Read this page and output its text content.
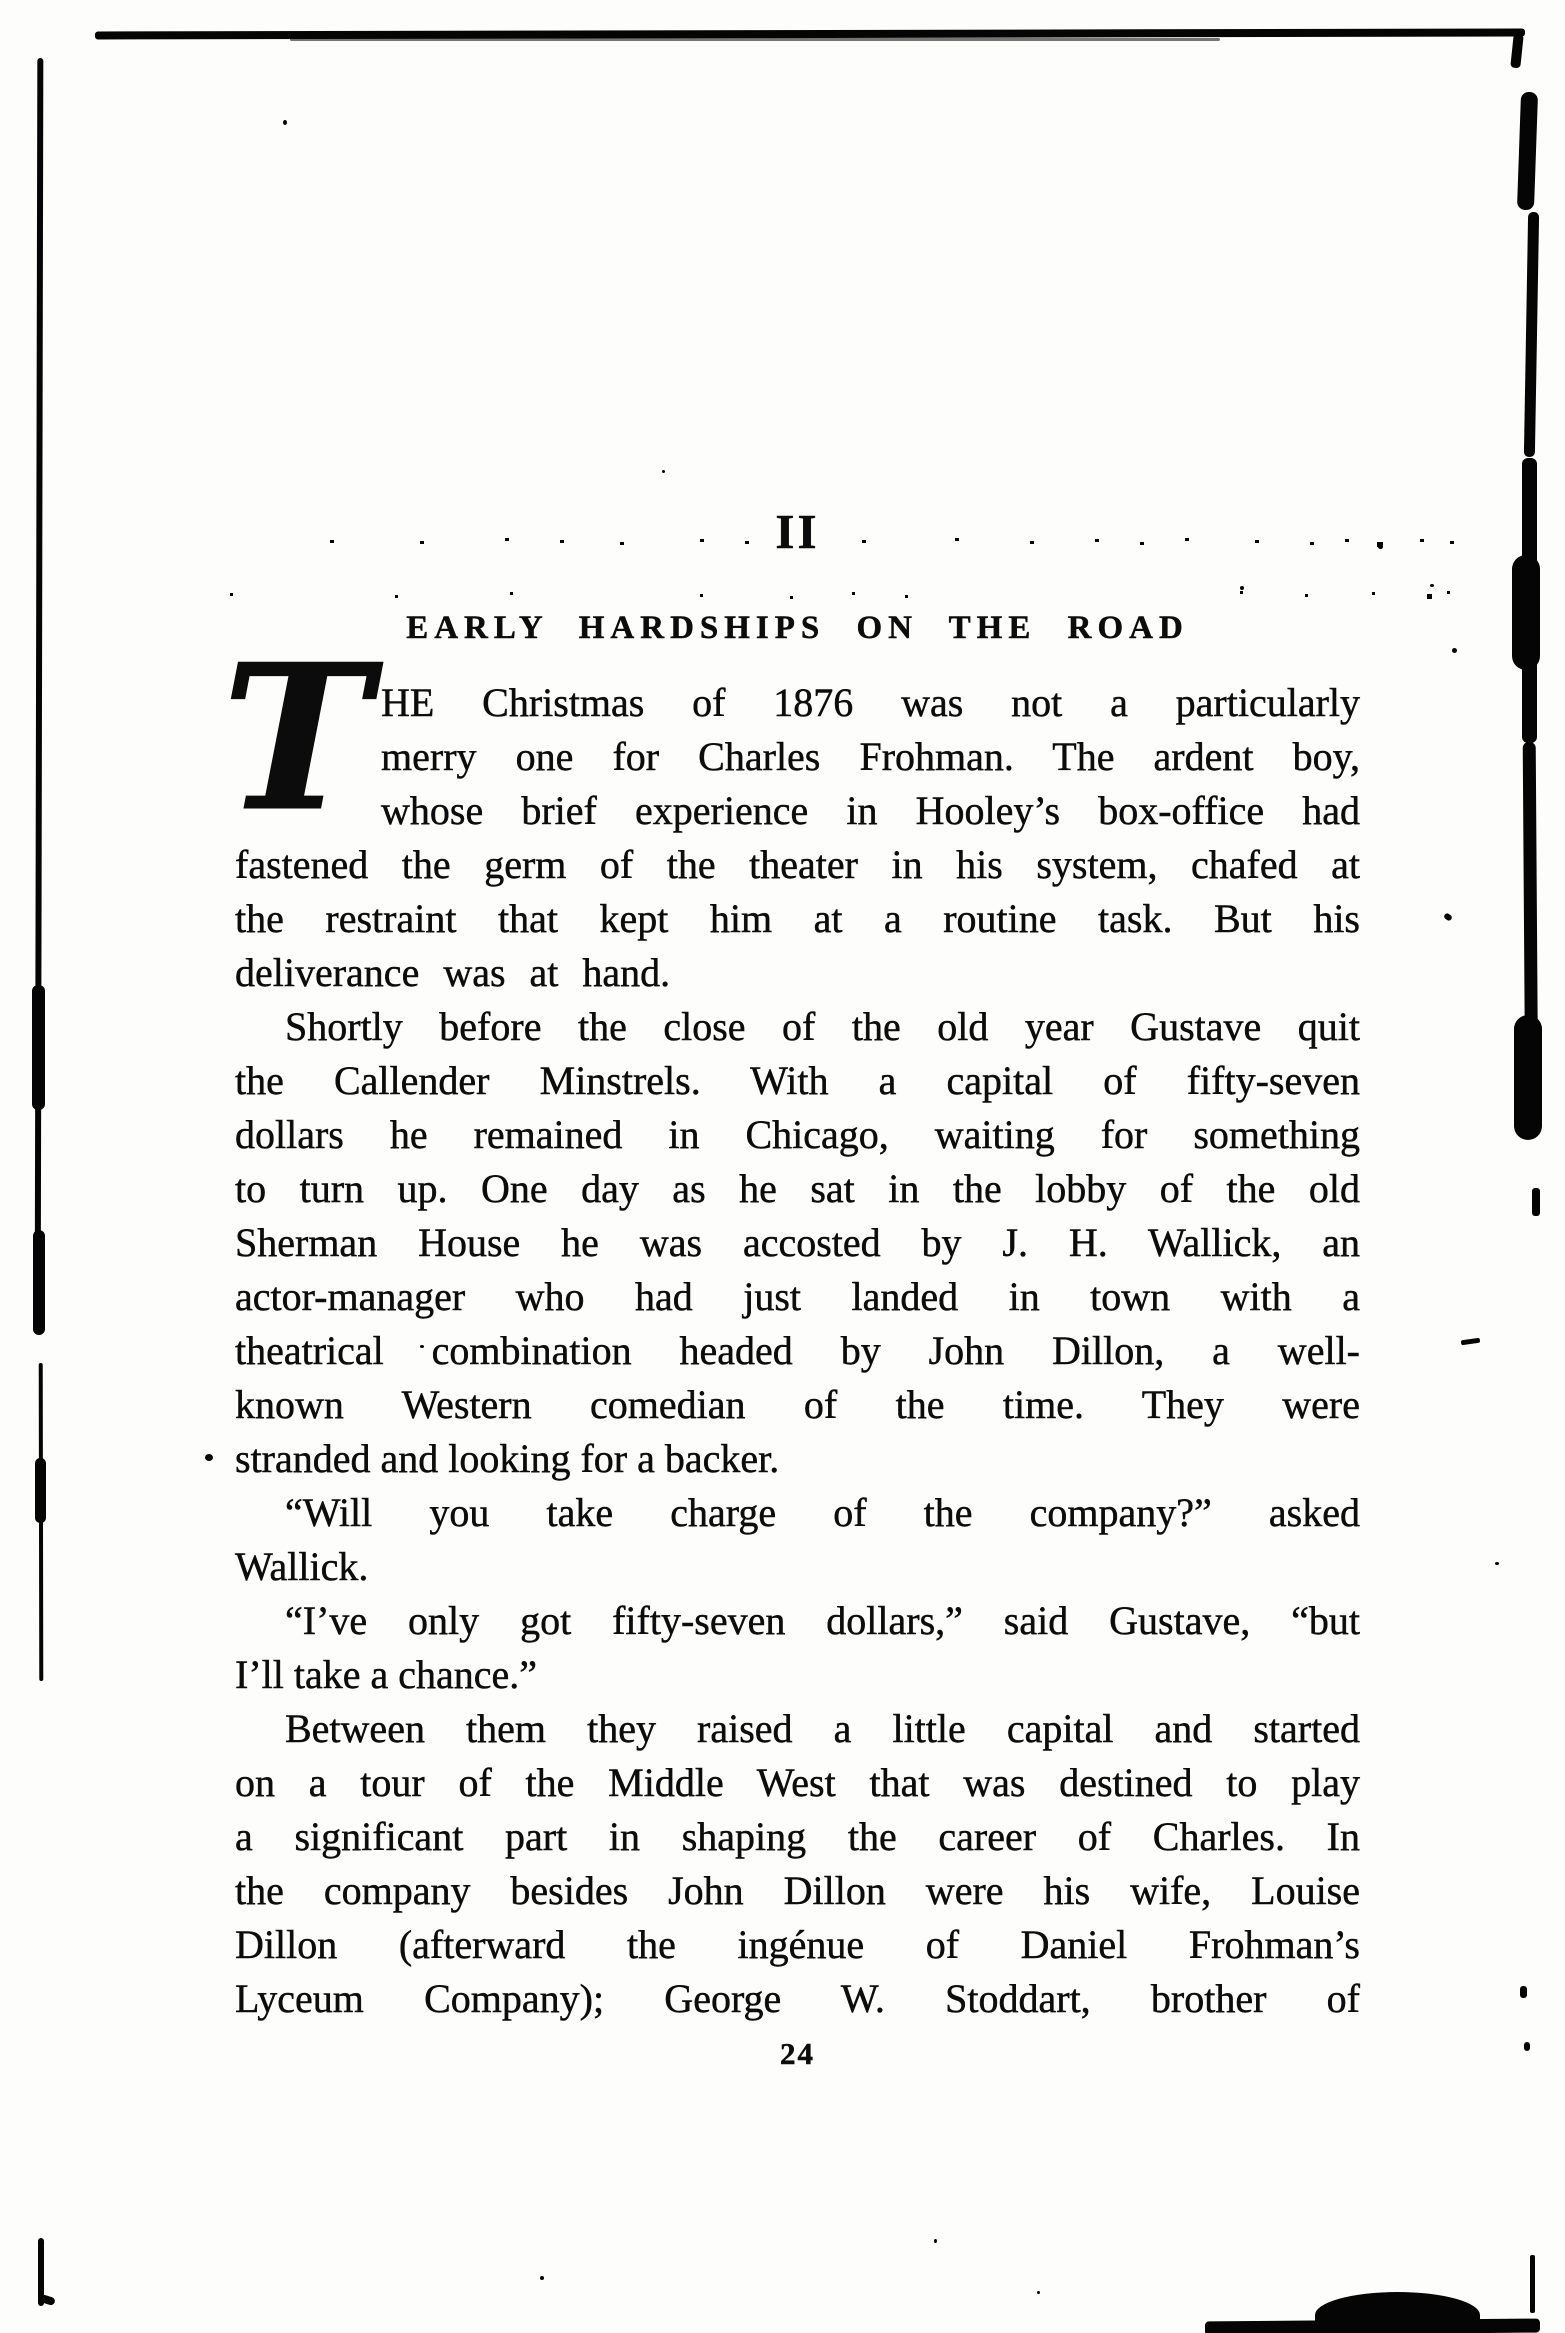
II
EARLY HARDSHIPS ON THE ROAD
T HE Christmas of 1876 was not a particularly
merry one for Charles Frohman. The ardent boy,
whose brief experience in Hooley’s box-office had
fastened the germ of the theater in his system, chafed at
the restraint that kept him at a routine task. But his
deliverance was at hand.
Shortly before the close of the old year Gustave quit
the Callender Minstrels. With a capital of fifty-seven
dollars he remained in Chicago, waiting for something
to turn up. One day as he sat in the lobby of the old
Sherman House he was accosted by J. H. Wallick, an
actor-manager who had just landed in town with a
theatrical combination headed by John Dillon, a well-
known Western comedian of the time. They were
stranded and looking for a backer.
“Will you take charge of the company?” asked
Wallick.
“I’ve only got fifty-seven dollars,” said Gustave, “but
I’ll take a chance.”
Between them they raised a little capital and started
on a tour of the Middle West that was destined to play
a significant part in shaping the career of Charles. In
the company besides John Dillon were his wife, Louise
Dillon (afterward the ingénue of Daniel Frohman’s
Lyceum Company); George W. Stoddart, brother of
24
